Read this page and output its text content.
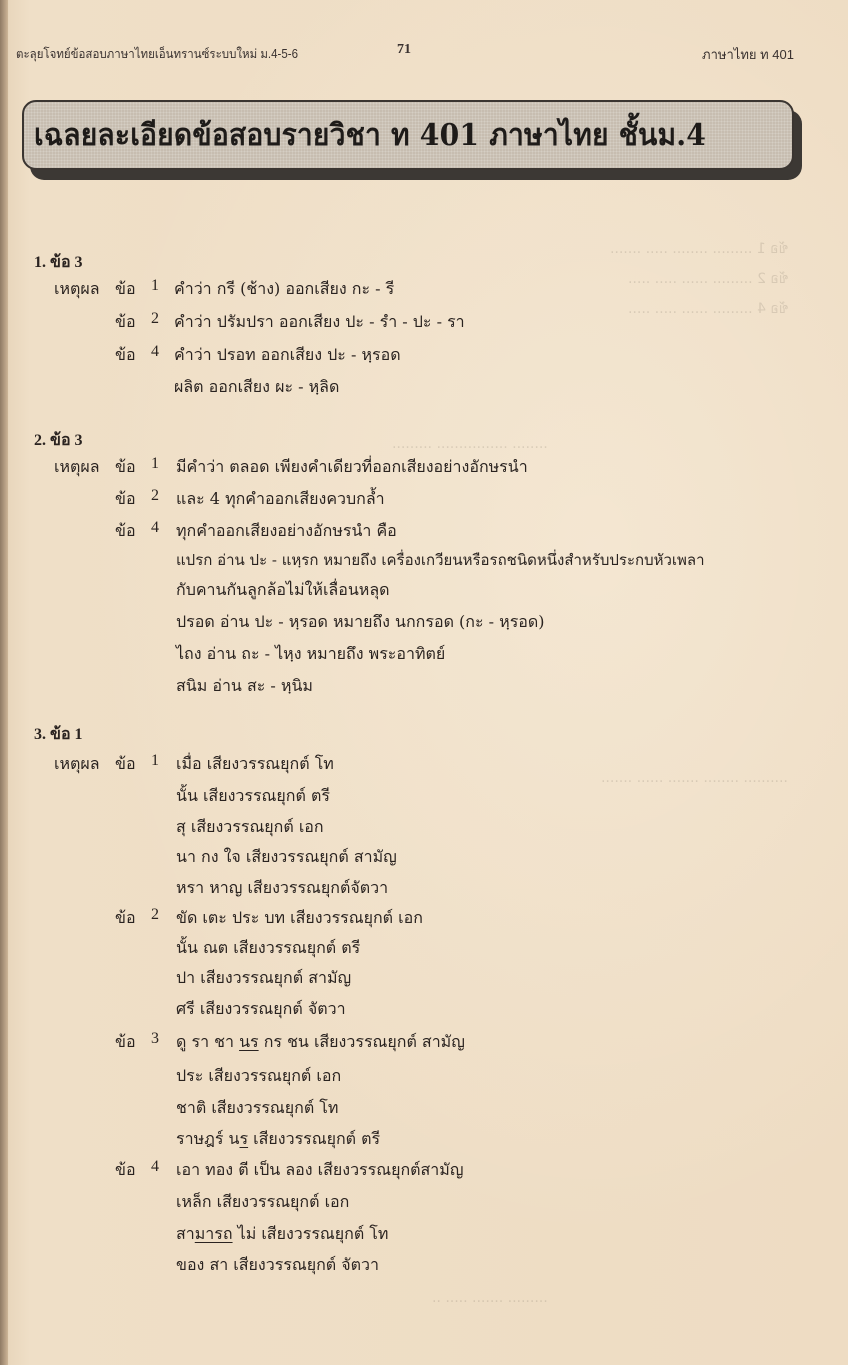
ข้อ 1 ......... ........ ..... .......
ข้อ 2 ......... ...... ..... .....
ข้อ 4 ......... ...... ..... .....
........ ................ .........
.......... ........ ....... ...... .......
......... ....... ..... ..
ตะลุยโจทย์ข้อสอบภาษาไทยเอ็นทรานซ์ระบบใหม่ ม.4-5-6	71	ภาษาไทย ท 401
เฉลยละเอียดข้อสอบรายวิชา ท 401 ภาษาไทย ชั้นม.4
1. ข้อ 3
เหตุผล ข้อ 1 คำว่า กรี (ช้าง) ออกเสียง กะ - รี
ข้อ 2 คำว่า ปรัมปรา ออกเสียง ปะ - รำ - ปะ - รา
ข้อ 4 คำว่า ปรอท ออกเสียง ปะ - หฺรอด
ผลิต ออกเสียง ผะ - หฺลิด
2. ข้อ 3
เหตุผล ข้อ 1 มีคำว่า ตลอด เพียงคำเดียวที่ออกเสียงอย่างอักษรนำ
ข้อ 2 และ 4 ทุกคำออกเสียงควบกล้ำ
ข้อ 4 ทุกคำออกเสียงอย่างอักษรนำ คือ
แปรก อ่าน ปะ - แหฺรก หมายถึง เครื่องเกวียนหรือรถชนิดหนึ่งสำหรับประกบหัวเพลา
กับคานกันลูกล้อไม่ให้เลื่อนหลุด
ปรอด อ่าน ปะ - หฺรอด หมายถึง นกกรอด (กะ - หฺรอด)
ไถง อ่าน ถะ - ไหฺง หมายถึง พระอาทิตย์
สนิม อ่าน สะ - หฺนิม
3. ข้อ 1
เหตุผล ข้อ 1 เมื่อ เสียงวรรณยุกต์ โท
นั้น เสียงวรรณยุกต์ ตรี
สุ เสียงวรรณยุกต์ เอก
นา กง ใจ เสียงวรรณยุกต์ สามัญ
หรา หาญ เสียงวรรณยุกต์จัตวา
ข้อ 2 ขัด เตะ ประ บท เสียงวรรณยุกต์ เอก
นั้น ณต เสียงวรรณยุกต์ ตรี
ปา เสียงวรรณยุกต์ สามัญ
ศรี เสียงวรรณยุกต์ จัตวา
ข้อ 3 ดู รา ชา นร กร ชน เสียงวรรณยุกต์ สามัญ
ประ เสียงวรรณยุกต์ เอก
ชาติ เสียงวรรณยุกต์ โท
ราษฎร์ นร เสียงวรรณยุกต์ ตรี
ข้อ 4 เอา ทอง ตี เป็น ลอง เสียงวรรณยุกต์สามัญ
เหล็ก เสียงวรรณยุกต์ เอก
สามารถ ไม่ เสียงวรรณยุกต์ โท
ของ สา เสียงวรรณยุกต์ จัตวา
